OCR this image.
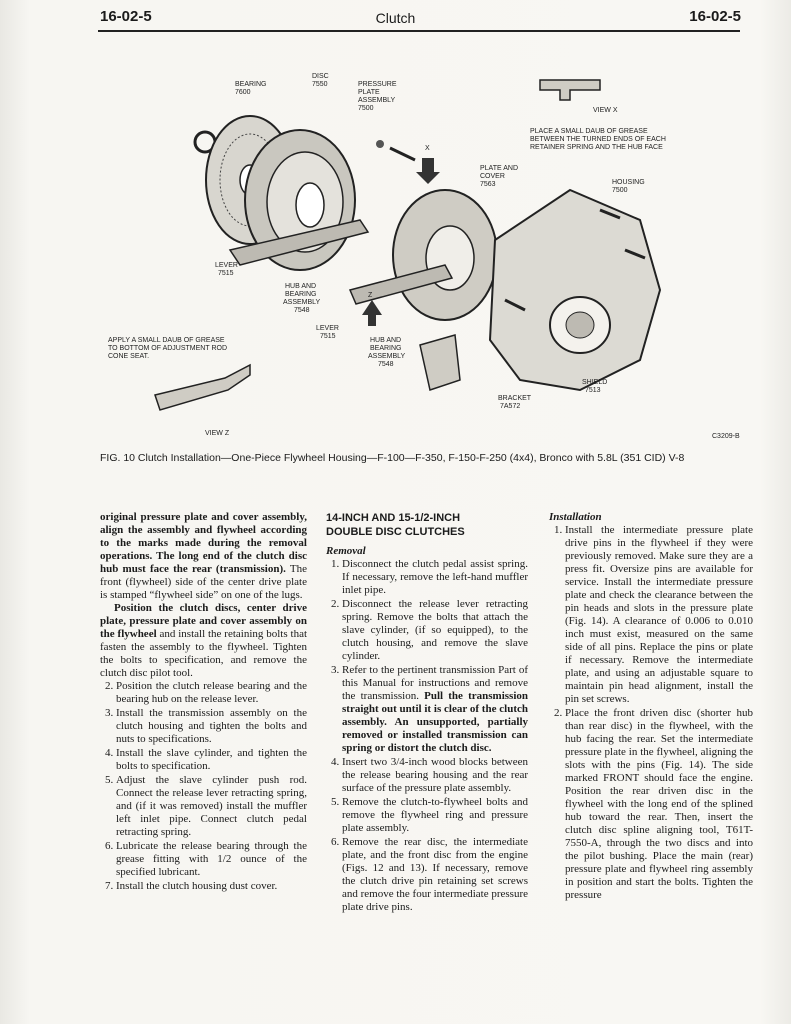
16-02-5	Clutch	16-02-5
BEARING
7600
DISC
7550	PRESSURE
PLATE
ASSEMBLY
7500	VIEW X
X
PLACE A SMALL DAUB OF GREASE
BETWEEN THE TURNED ENDS OF EACH
RETAINER SPRING AND THE HUB FACE
PLATE AND
COVER
7563	HOUSING
7500
LEVER
7515
HUB AND
BEARING
ASSEMBLY
7548
LEVER
7515
Z
HUB AND
BEARING
ASSEMBLY
7548
APPLY A SMALL DAUB OF GREASE
TO BOTTOM OF ADJUSTMENT ROD
CONE SEAT.
SHIELD
7513
BRACKET
7A572
VIEW Z	C3209-B
FIG. 10 Clutch Installation—One-Piece Flywheel Housing—F-100—F-350, F-150-F-250 (4x4), Bronco with 5.8L (351 CID) V-8

original pressure plate and cover assembly, align the assembly and flywheel according to the marks made during the removal operations. The long end of the clutch disc hub must face the rear (transmission). The front (flywheel) side of the center drive plate is stamped “flywheel side” on one of the lugs.

Position the clutch discs, center drive plate, pressure plate and cover assembly on the flywheel and install the retaining bolts that fasten the assembly to the flywheel. Tighten the bolts to specification, and remove the clutch disc pilot tool.

2. Position the clutch release bearing and the bearing hub on the release lever.
3. Install the transmission assembly on the clutch housing and tighten the bolts and nuts to specifications.
4. Install the slave cylinder, and tighten the bolts to specification.
5. Adjust the slave cylinder push rod. Connect the release lever retracting spring, and (if it was removed) install the muffler left inlet pipe. Connect clutch pedal retracting spring.
6. Lubricate the release bearing through the grease fitting with 1/2 ounce of the specified lubricant.
7. Install the clutch housing dust cover.
14-INCH AND 15-1/2-INCH
DOUBLE DISC CLUTCHES

Removal

1. Disconnect the clutch pedal assist spring. If necessary, remove the left-hand muffler inlet pipe.
2. Disconnect the release lever retracting spring. Remove the bolts that attach the slave cylinder, (if so equipped), to the clutch housing, and remove the slave cylinder.
3. Refer to the pertinent transmission Part of this Manual for instructions and remove the transmission. Pull the transmission straight out until it is clear of the clutch assembly. An unsupported, partially removed or installed transmission can spring or distort the clutch disc.
4. Insert two 3/4-inch wood blocks between the release bearing housing and the rear surface of the pressure plate assembly.
5. Remove the clutch-to-flywheel bolts and remove the flywheel ring and pressure plate assembly.
6. Remove the rear disc, the intermediate plate, and the front disc from the engine (Figs. 12 and 13). If necessary, remove the clutch drive pin retaining set screws and remove the four intermediate pressure plate drive pins.

Installation

1. Install the intermediate pressure plate drive pins in the flywheel if they were previously removed. Make sure they are a press fit. Oversize pins are available for service. Install the intermediate pressure plate and check the clearance between the pin heads and slots in the pressure plate (Fig. 14). A clearance of 0.006 to 0.010 inch must exist, measured on the same side of all pins. Replace the pins or plate if necessary. Remove the intermediate plate, and using an adjustable square to maintain pin head alignment, install the pin set screws.
2. Place the front driven disc (shorter hub than rear disc) in the flywheel, with the hub facing the rear. Set the intermediate pressure plate in the flywheel, aligning the slots with the pins (Fig. 14). The side marked FRONT should face the engine. Position the rear driven disc in the flywheel with the long end of the splined hub toward the rear. Then, insert the clutch disc spline aligning tool, T61T-7550-A, through the two discs and into the pilot bushing. Place the main (rear) pressure plate and flywheel ring assembly in position and start the bolts. Tighten the pressure
